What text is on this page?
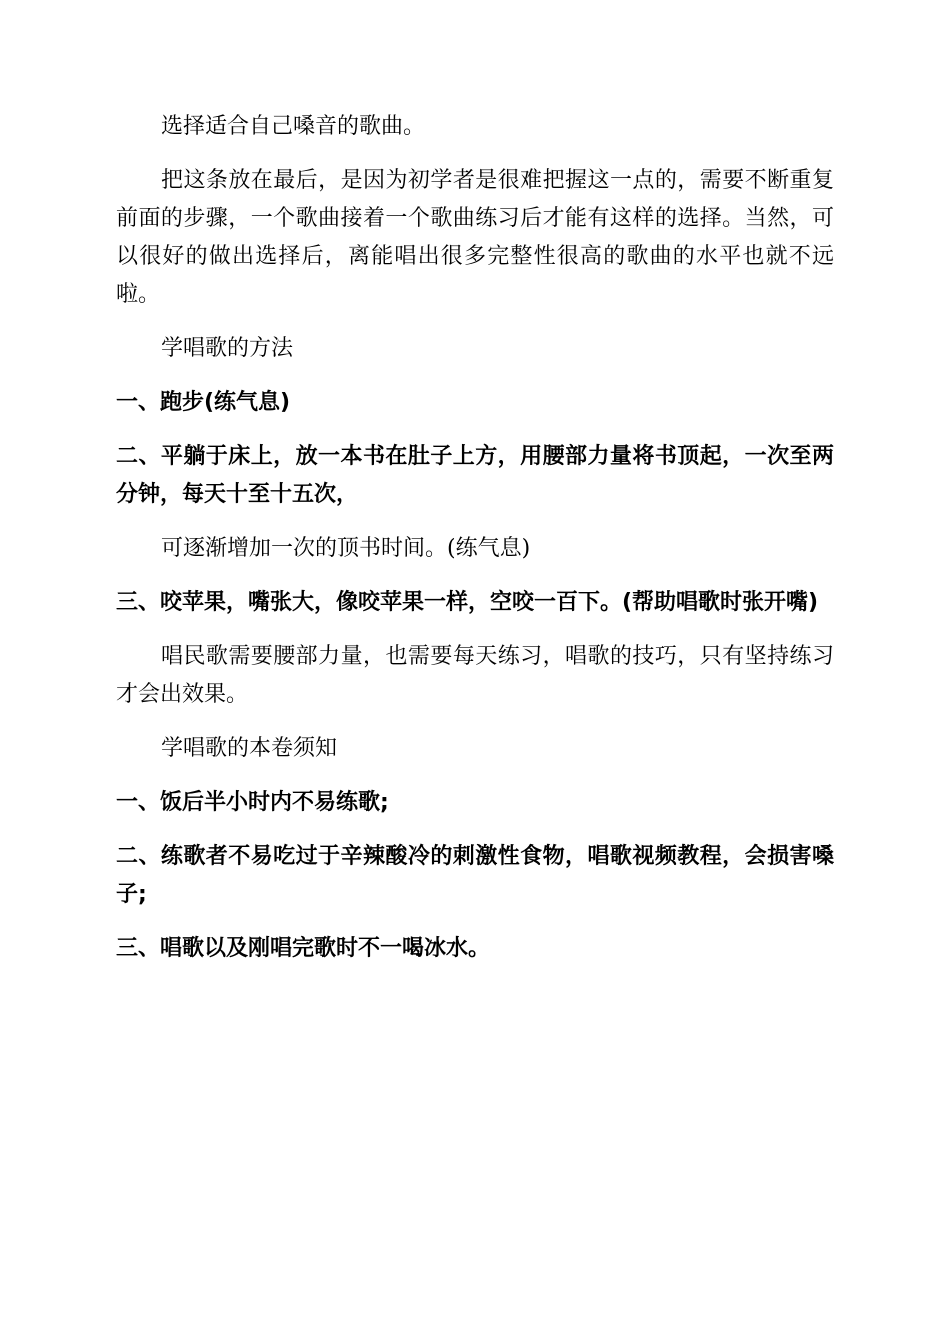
选择适合自己嗓音的歌曲。

把这条放在最后，是因为初学者是很难把握这一点的，需要不断重复前面的步骤，一个歌曲接着一个歌曲练习后才能有这样的选择。当然，可以很好的做出选择后，离能唱出很多完整性很高的歌曲的水平也就不远啦。

学唱歌的方法

一、跑步(练气息)

二、平躺于床上，放一本书在肚子上方，用腰部力量将书顶起，一次至两分钟，每天十至十五次，

可逐渐增加一次的顶书时间。(练气息)

三、咬苹果，嘴张大，像咬苹果一样，空咬一百下。(帮助唱歌时张开嘴)

唱民歌需要腰部力量，也需要每天练习，唱歌的技巧，只有坚持练习才会出效果。

学唱歌的本卷须知

一、饭后半小时内不易练歌;

二、练歌者不易吃过于辛辣酸冷的刺激性食物，唱歌视频教程，会损害嗓子;

三、唱歌以及刚唱完歌时不一喝冰水。
